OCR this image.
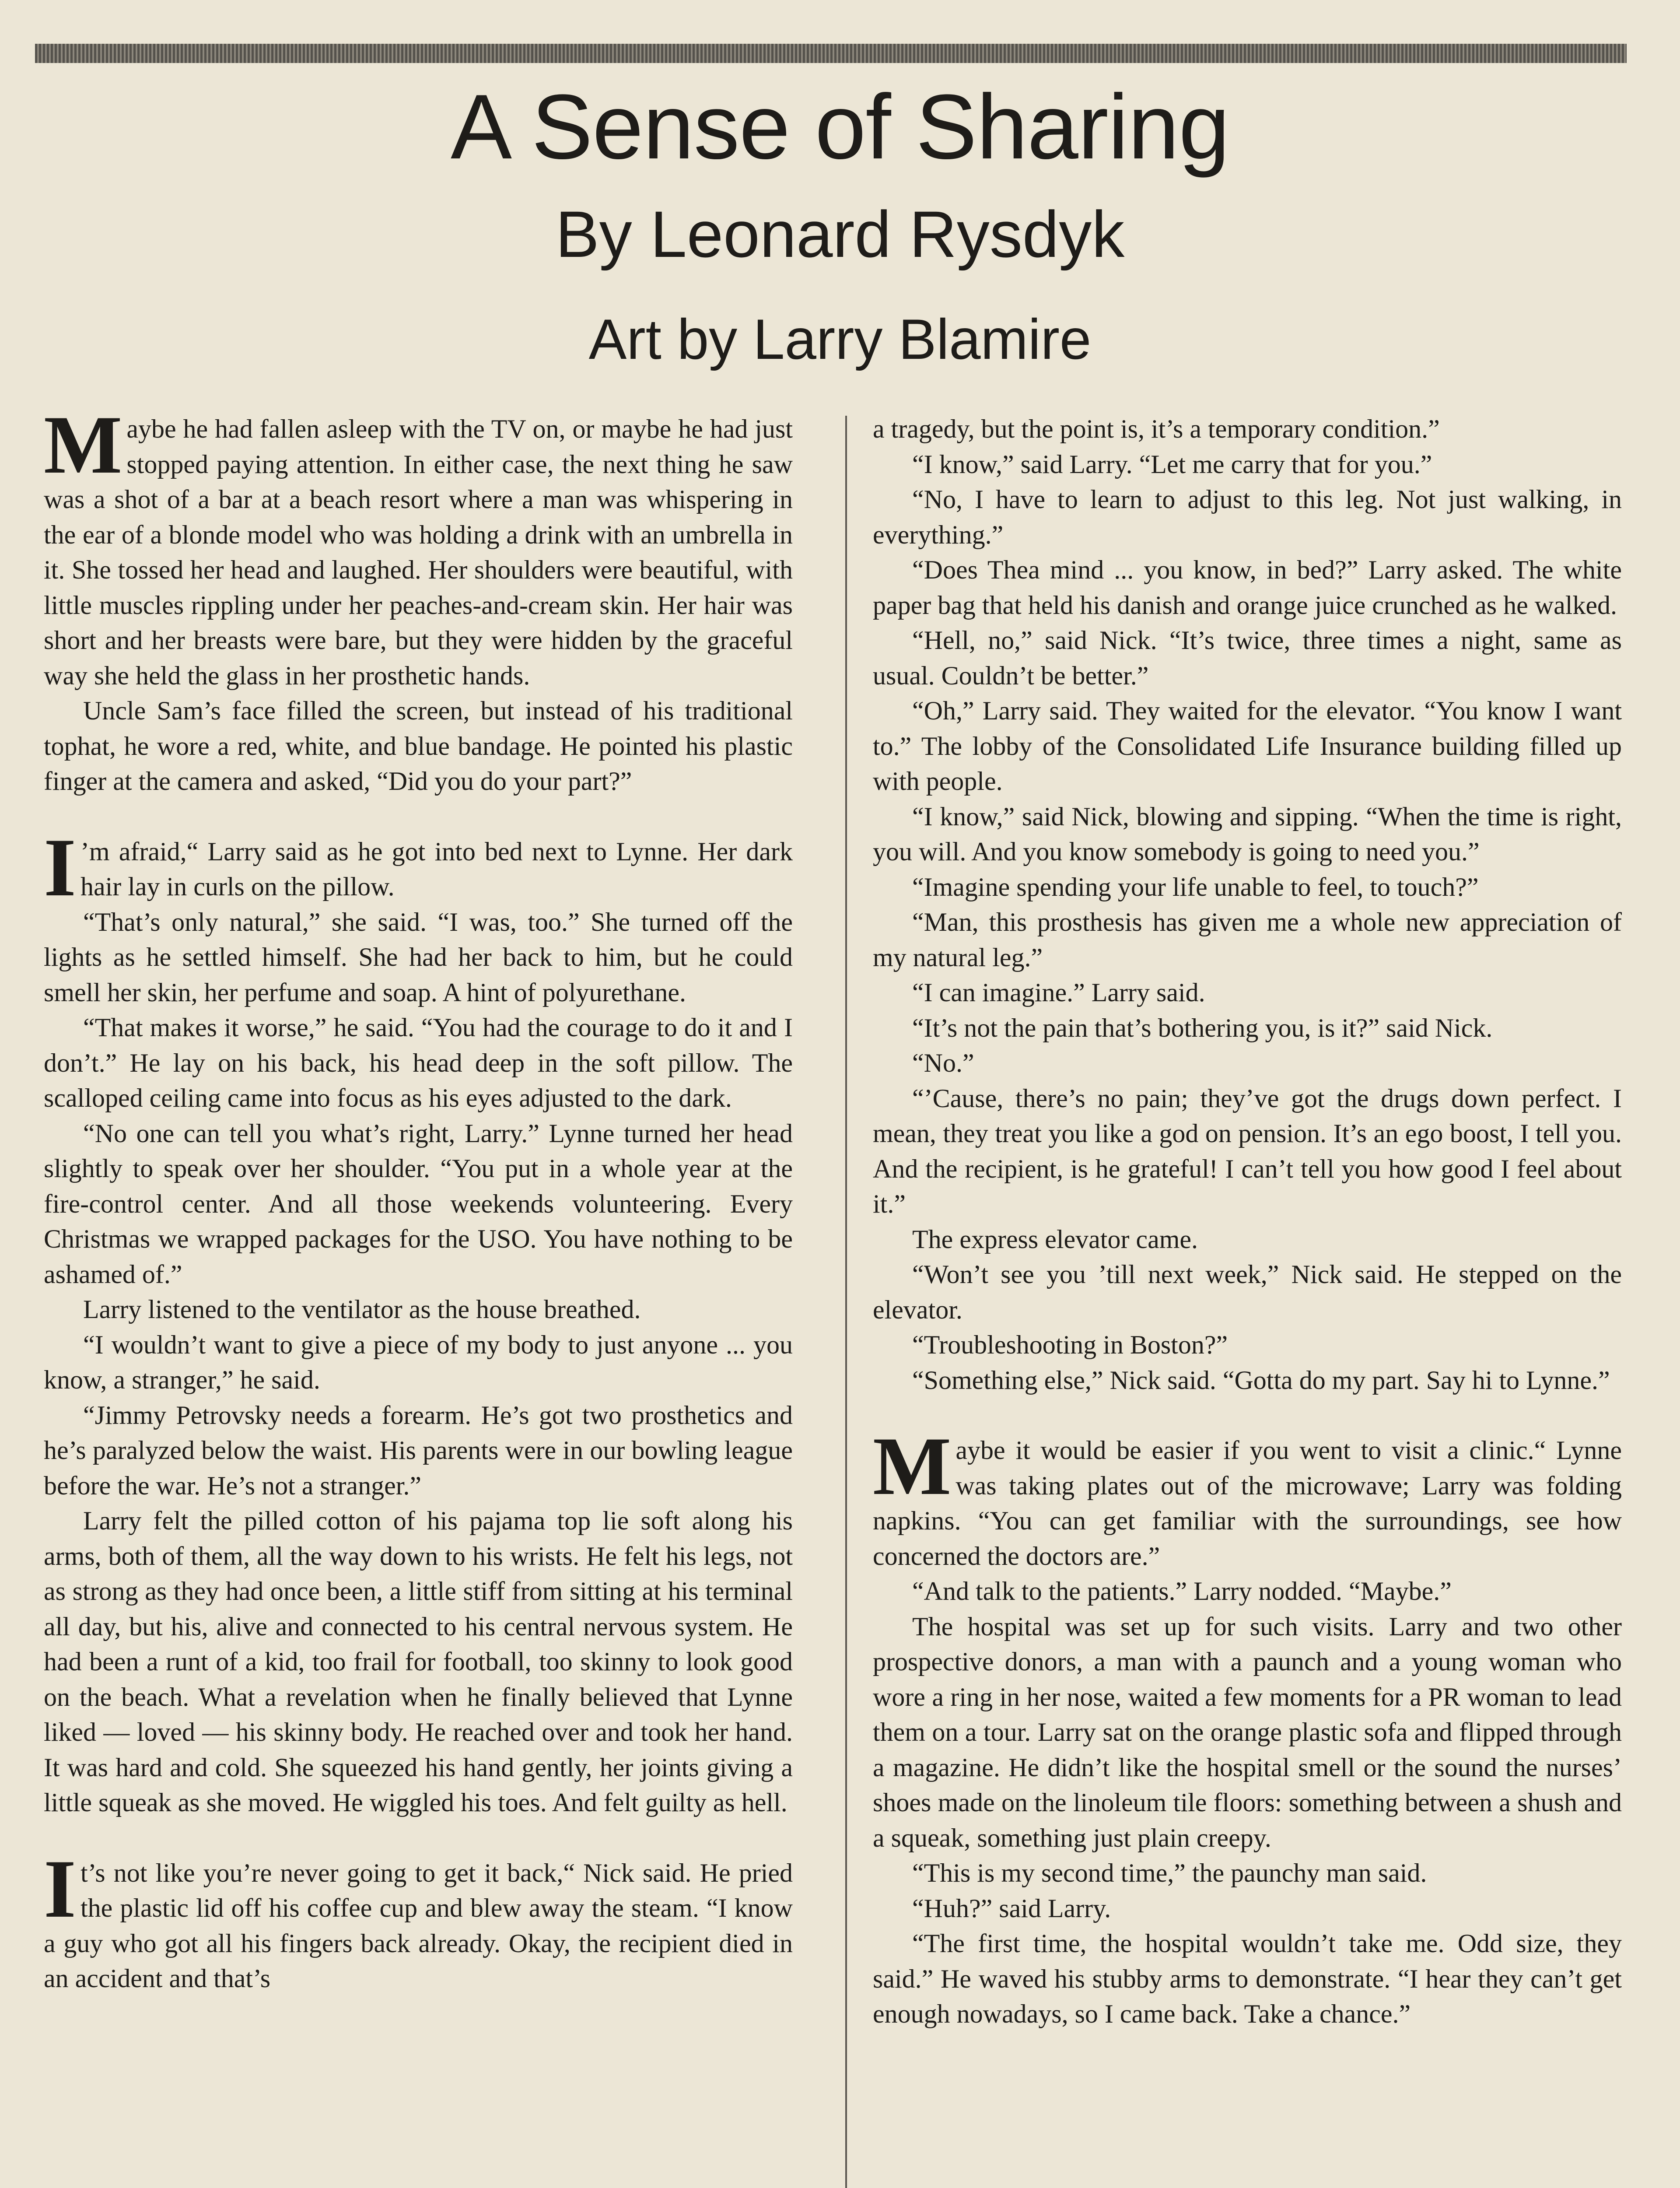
A Sense of Sharing
By Leonard Rysdyk
Art by Larry Blamire

Maybe he had fallen asleep with the TV on, or maybe he had just stopped paying attention. In either case, the next thing he saw was a shot of a bar at a beach resort where a man was whispering in the ear of a blonde model who was holding a drink with an umbrella in it. She tossed her head and laughed. Her shoulders were beautiful, with little muscles rippling under her peaches-and-cream skin. Her hair was short and her breasts were bare, but they were hidden by the graceful way she held the glass in her prosthetic hands.

Uncle Sam’s face filled the screen, but instead of his traditional tophat, he wore a red, white, and blue bandage. He pointed his plastic finger at the camera and asked, “Did you do your part?”

I ’m afraid,“ Larry said as he got into bed next to Lynne. Her dark hair lay in curls on the pillow.

“That’s only natural,” she said. “I was, too.” She turned off the lights as he settled himself. She had her back to him, but he could smell her skin, her perfume and soap. A hint of polyurethane.

“That makes it worse,” he said. “You had the courage to do it and I don’t.” He lay on his back, his head deep in the soft pillow. The scalloped ceiling came into focus as his eyes adjusted to the dark.

“No one can tell you what’s right, Larry.” Lynne turned her head slightly to speak over her shoulder. “You put in a whole year at the fire-control center. And all those weekends volunteering. Every Christmas we wrapped packages for the USO. You have nothing to be ashamed of.”

Larry listened to the ventilator as the house breathed.

“I wouldn’t want to give a piece of my body to just anyone ... you know, a stranger,” he said.

“Jimmy Petrovsky needs a forearm. He’s got two prosthetics and he’s paralyzed below the waist. His parents were in our bowling league before the war. He’s not a stranger.”

Larry felt the pilled cotton of his pajama top lie soft along his arms, both of them, all the way down to his wrists. He felt his legs, not as strong as they had once been, a little stiff from sitting at his terminal all day, but his, alive and connected to his central nervous system. He had been a runt of a kid, too frail for football, too skinny to look good on the beach. What a revelation when he finally believed that Lynne liked — loved — his skinny body. He reached over and took her hand. It was hard and cold. She squeezed his hand gently, her joints giving a little squeak as she moved. He wiggled his toes. And felt guilty as hell.

It’s not like you’re never going to get it back,“ Nick said. He pried the plastic lid off his coffee cup and blew away the steam. “I know a guy who got all his fingers back already. Okay, the recipient died in an accident and that’s

a tragedy, but the point is, it’s a temporary condition.”

“I know,” said Larry. “Let me carry that for you.”

“No, I have to learn to adjust to this leg. Not just walking, in everything.”

“Does Thea mind ... you know, in bed?” Larry asked. The white paper bag that held his danish and orange juice crunched as he walked.

“Hell, no,” said Nick. “It’s twice, three times a night, same as usual. Couldn’t be better.”

“Oh,” Larry said. They waited for the elevator. “You know I want to.” The lobby of the Consolidated Life Insurance building filled up with people.

“I know,” said Nick, blowing and sipping. “When the time is right, you will. And you know somebody is going to need you.”

“Imagine spending your life unable to feel, to touch?”

“Man, this prosthesis has given me a whole new appreciation of my natural leg.”

“I can imagine.” Larry said.

“It’s not the pain that’s bothering you, is it?” said Nick.

“No.”

“’Cause, there’s no pain; they’ve got the drugs down perfect. I mean, they treat you like a god on pension. It’s an ego boost, I tell you. And the recipient, is he grateful! I can’t tell you how good I feel about it.”

The express elevator came.

“Won’t see you ’till next week,” Nick said. He stepped on the elevator.

“Troubleshooting in Boston?”

“Something else,” Nick said. “Gotta do my part. Say hi to Lynne.”

Maybe it would be easier if you went to visit a clinic.“ Lynne was taking plates out of the microwave; Larry was folding napkins. “You can get familiar with the surroundings, see how concerned the doctors are.”

“And talk to the patients.” Larry nodded. “Maybe.”

The hospital was set up for such visits. Larry and two other prospective donors, a man with a paunch and a young woman who wore a ring in her nose, waited a few moments for a PR woman to lead them on a tour. Larry sat on the orange plastic sofa and flipped through a magazine. He didn’t like the hospital smell or the sound the nurses’ shoes made on the linoleum tile floors: something between a shush and a squeak, something just plain creepy.

“This is my second time,” the paunchy man said.

“Huh?” said Larry.

“The first time, the hospital wouldn’t take me. Odd size, they said.” He waved his stubby arms to demonstrate. “I hear they can’t get enough nowadays, so I came back. Take a chance.”
